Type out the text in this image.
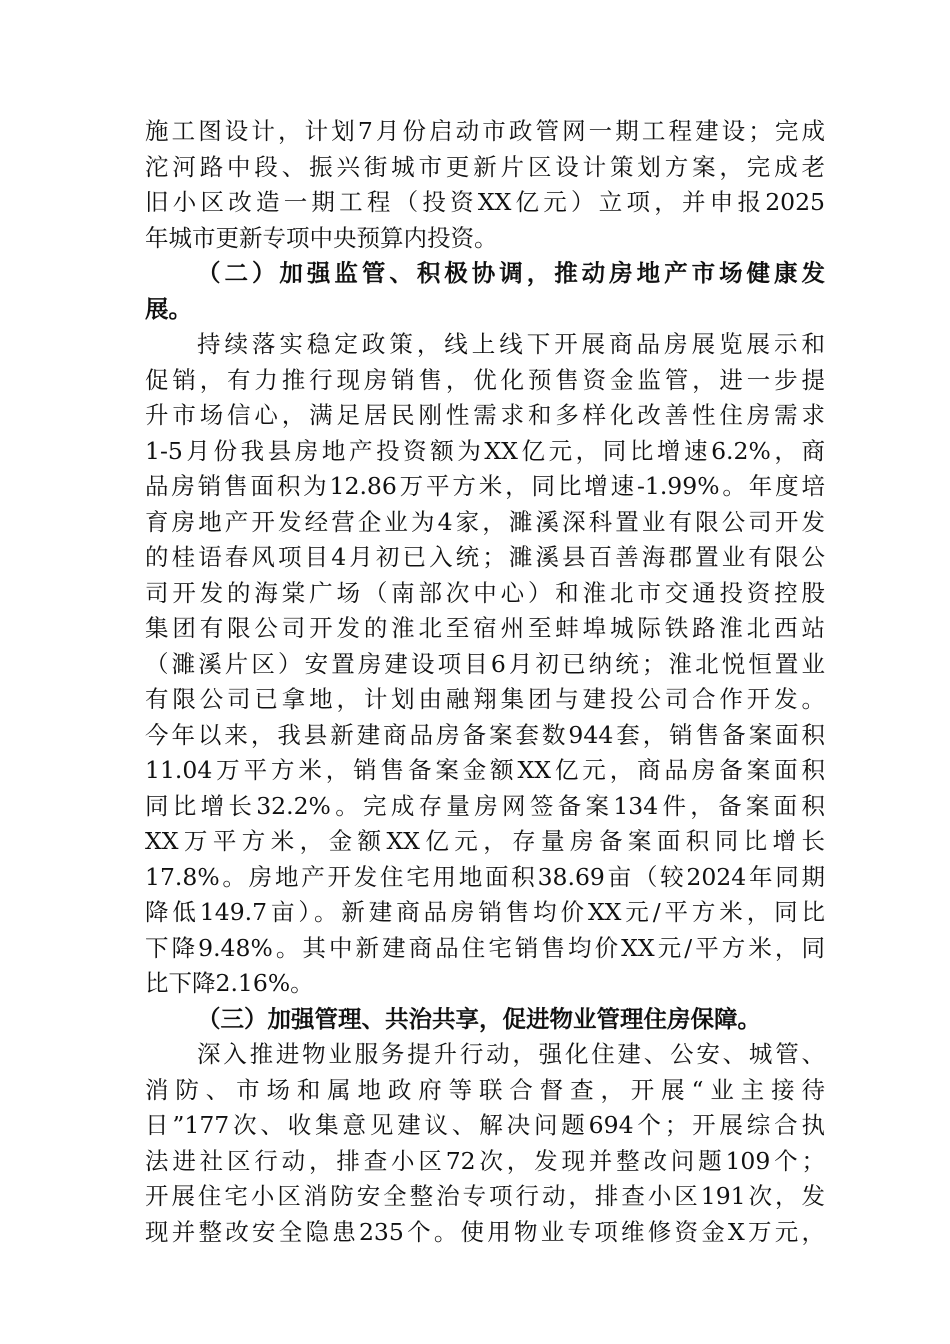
施工图设计，计划7月份启动市政管网一期工程建设；完成
沱河路中段、振兴街城市更新片区设计策划方案，完成老
旧小区改造一期工程（投资XX亿元）立项，并申报2025
年城市更新专项中央预算内投资。
（二）加强监管、积极协调，推动房地产市场健康发
展。
持续落实稳定政策，线上线下开展商品房展览展示和
促销，有力推行现房销售，优化预售资金监管，进一步提
升市场信心，满足居民刚性需求和多样化改善性住房需求
1-5月份我县房地产投资额为XX亿元，同比增速6.2%，商
品房销售面积为12.86万平方米，同比增速-1.99%。年度培
育房地产开发经营企业为4家，濉溪深科置业有限公司开发
的桂语春风项目4月初已入统；濉溪县百善海郡置业有限公
司开发的海棠广场（南部次中心）和淮北市交通投资控股
集团有限公司开发的淮北至宿州至蚌埠城际铁路淮北西站
（濉溪片区）安置房建设项目6月初已纳统；淮北悦恒置业
有限公司已拿地，计划由融翔集团与建投公司合作开发。
今年以来，我县新建商品房备案套数944套，销售备案面积
11.04万平方米，销售备案金额XX亿元，商品房备案面积
同比增长32.2%。完成存量房网签备案134件，备案面积
XX万平方米，金额XX亿元，存量房备案面积同比增长
17.8%。房地产开发住宅用地面积38.69亩（较2024年同期
降低149.7亩）。新建商品房销售均价XX元/平方米，同比
下降9.48%。其中新建商品住宅销售均价XX元/平方米，同
比下降2.16%。
（三）加强管理、共治共享，促进物业管理住房保障。
深入推进物业服务提升行动，强化住建、公安、城管、
消防、市场和属地政府等联合督查，开展“业主接待
日”177次、收集意见建议、解决问题694个；开展综合执
法进社区行动，排查小区72次，发现并整改问题109个；
开展住宅小区消防安全整治专项行动，排查小区191次，发
现并整改安全隐患235个。使用物业专项维修资金X万元，
